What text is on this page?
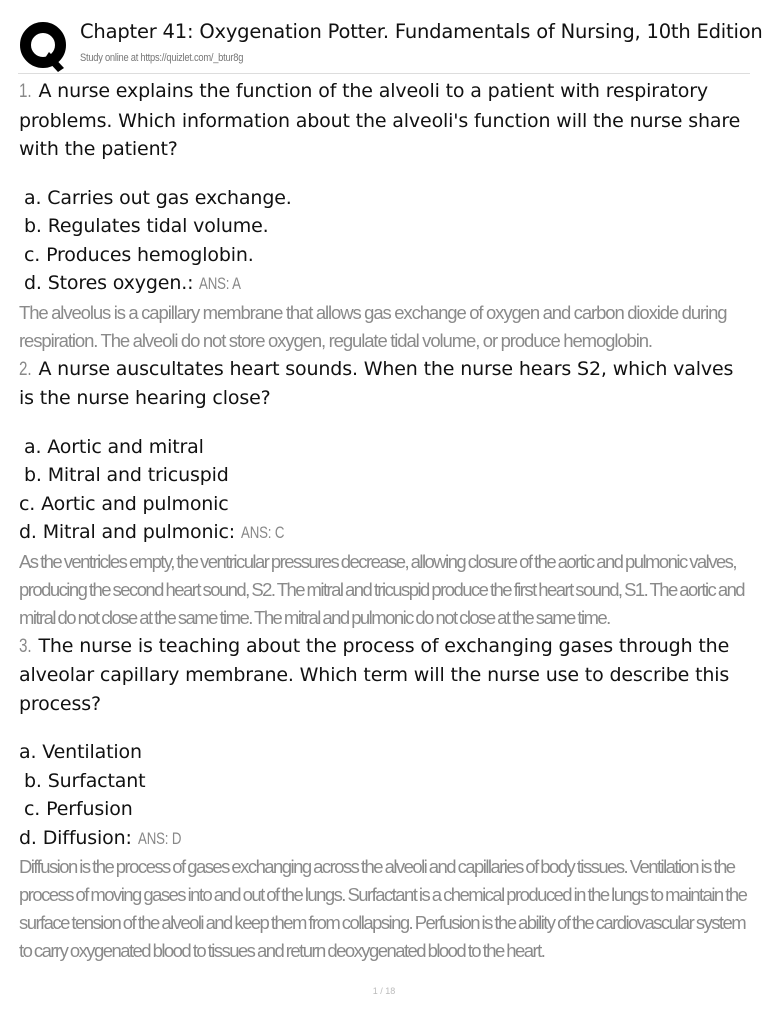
Chapter 41: Oxygenation Potter. Fundamentals of Nursing, 10th Edition
Study online at https://quizlet.com/_btur8g
1. A nurse explains the function of the alveoli to a patient with respiratory problems. Which information about the alveoli's function will the nurse share with the patient?
a. Carries out gas exchange.
b. Regulates tidal volume.
c. Produces hemoglobin.
d. Stores oxygen.: ANS: A
The alveolus is a capillary membrane that allows gas exchange of oxygen and carbon dioxide during respiration. The alveoli do not store oxygen, regulate tidal volume, or produce hemoglobin.
2. A nurse auscultates heart sounds. When the nurse hears S2, which valves is the nurse hearing close?
a. Aortic and mitral
b. Mitral and tricuspid
c. Aortic and pulmonic
d. Mitral and pulmonic: ANS: C
As the ventricles empty, the ventricular pressures decrease, allowing closure of the aortic and pulmonic valves, producing the second heart sound, S2. The mitral and tricuspid produce the first heart sound, S1. The aortic and mitral do not close at the same time. The mitral and pulmonic do not close at the same time.
3. The nurse is teaching about the process of exchanging gases through the alveolar capillary membrane. Which term will the nurse use to describe this process?
a. Ventilation
b. Surfactant
c. Perfusion
d. Diffusion: ANS: D
Diffusion is the process of gases exchanging across the alveoli and capillaries of body tissues. Ventilation is the process of moving gases into and out of the lungs. Surfactant is a chemical produced in the lungs to maintain the surface tension of the alveoli and keep them from collapsing. Perfusion is the ability of the cardiovascular system to carry oxygenated blood to tissues and return deoxygenated blood to the heart.
1 / 18
